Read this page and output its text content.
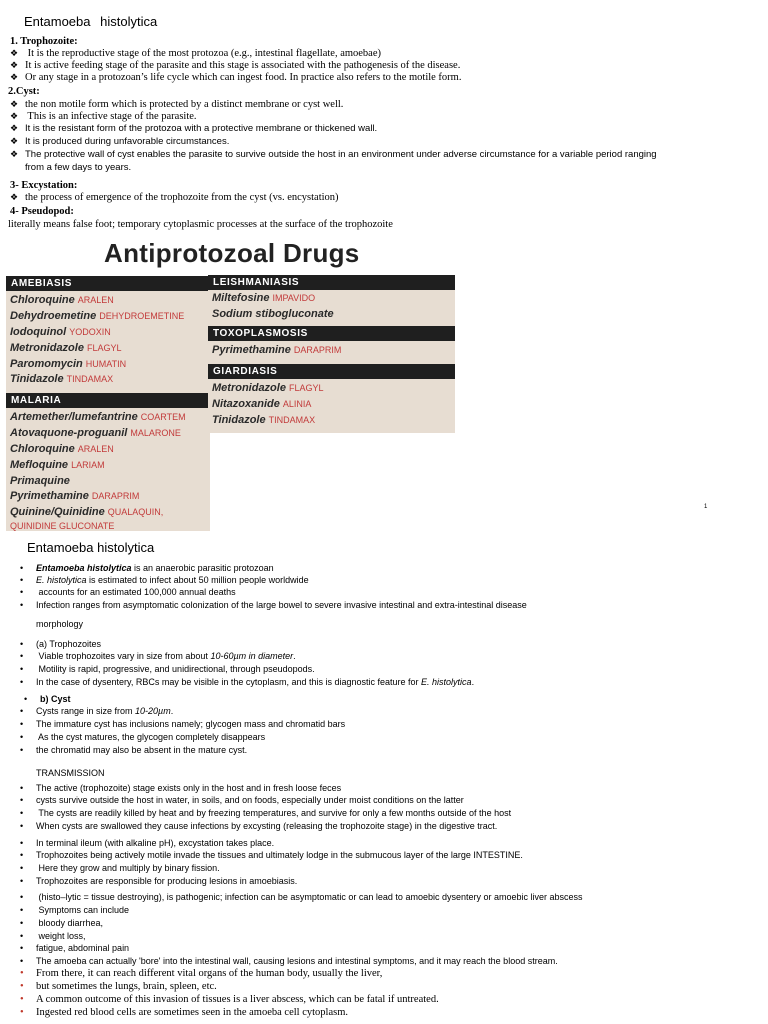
Entamoeba histolytica
1. Trophozoite:
❖ It is the reproductive stage of the most protozoa (e.g., intestinal flagellate, amoebae)
❖ It is active feeding stage of the parasite and this stage is associated with the pathogenesis of the disease.
❖ Or any stage in a protozoan’s life cycle which can ingest food. In practice also refers to the motile form.
2.Cyst:
❖ the non motile form which is protected by a distinct membrane or cyst well.
❖ This is an infective stage of the parasite.
❖ It is the resistant form of the protozoa with a protective membrane or thickened wall.
❖ It is produced during unfavorable circumstances.
❖ The protective wall of cyst enables the parasite to survive outside the host in an environment under adverse circumstance for a variable period ranging
from a few days to years.
3- Excystation:
❖ the process of emergence of the trophozoite from the cyst (vs. encystation)
4- Pseudopod:
literally means false foot; temporary cytoplasmic processes at the surface of the trophozoite
Antiprotozoal Drugs
AMEBIASIS
MALARIA
LEISHMANIASIS
TOXOPLASMOSIS
GIARDIASIS
Chloroquine ARALEN
Dehydroemetine DEHYDROEMETINE
Iodoquinol YODOXIN
Metronidazole FLAGYL
Paromomycin HUMATIN
Tinidazole TINDAMAX
Artemether/lumefantrine COARTEM
Atovaquone-proguanil MALARONE
Chloroquine ARALEN
Mefloquine LARIAM
Primaquine
Pyrimethamine DARAPRIM
Quinine/Quinidine QUALAQUIN,
QUINIDINE GLUCONATE
Miltefosine IMPAVIDO
Sodium stibogluconate
Pyrimethamine DARAPRIM
Metronidazole FLAGYL
Nitazoxanide ALINIA
Tinidazole TINDAMAX
1
Entamoeba histolytica
• Entamoeba histolytica is an anaerobic parasitic protozoan
• E. histolytica is estimated to infect about 50 million people worldwide
• accounts for an estimated 100,000 annual deaths
• Infection ranges from asymptomatic colonization of the large bowel to severe invasive intestinal and extra-intestinal disease
morphology
• (a) Trophozoites
• Viable trophozoites vary in size from about 10-60µm in diameter.
• Motility is rapid, progressive, and unidirectional, through pseudopods.
• In the case of dysentery, RBCs may be visible in the cytoplasm, and this is diagnostic feature for E. histolytica.
• b) Cyst
• Cysts range in size from 10-20µm.
• The immature cyst has inclusions namely; glycogen mass and chromatid bars
• As the cyst matures, the glycogen completely disappears
• the chromatid may also be absent in the mature cyst.
TRANSMISSION
• The active (trophozoite) stage exists only in the host and in fresh loose feces
• cysts survive outside the host in water, in soils, and on foods, especially under moist conditions on the latter
• The cysts are readily killed by heat and by freezing temperatures, and survive for only a few months outside of the host
• When cysts are swallowed they cause infections by excysting (releasing the trophozoite stage) in the digestive tract.
• In terminal ileum (with alkaline pH), excystation takes place.
• Trophozoites being actively motile invade the tissues and ultimately lodge in the submucous layer of the large INTESTINE.
• Here they grow and multiply by binary fission.
• Trophozoites are responsible for producing lesions in amoebiasis.
• (histo–lytic = tissue destroying), is pathogenic; infection can be asymptomatic or can lead to amoebic dysentery or amoebic liver abscess
• Symptoms can include
• bloody diarrhea,
• weight loss,
• fatigue, abdominal pain
• The amoeba can actually 'bore' into the intestinal wall, causing lesions and intestinal symptoms, and it may reach the blood stream.
• From there, it can reach different vital organs of the human body, usually the liver,
• but sometimes the lungs, brain, spleen, etc.
• A common outcome of this invasion of tissues is a liver abscess, which can be fatal if untreated.
• Ingested red blood cells are sometimes seen in the amoeba cell cytoplasm.
